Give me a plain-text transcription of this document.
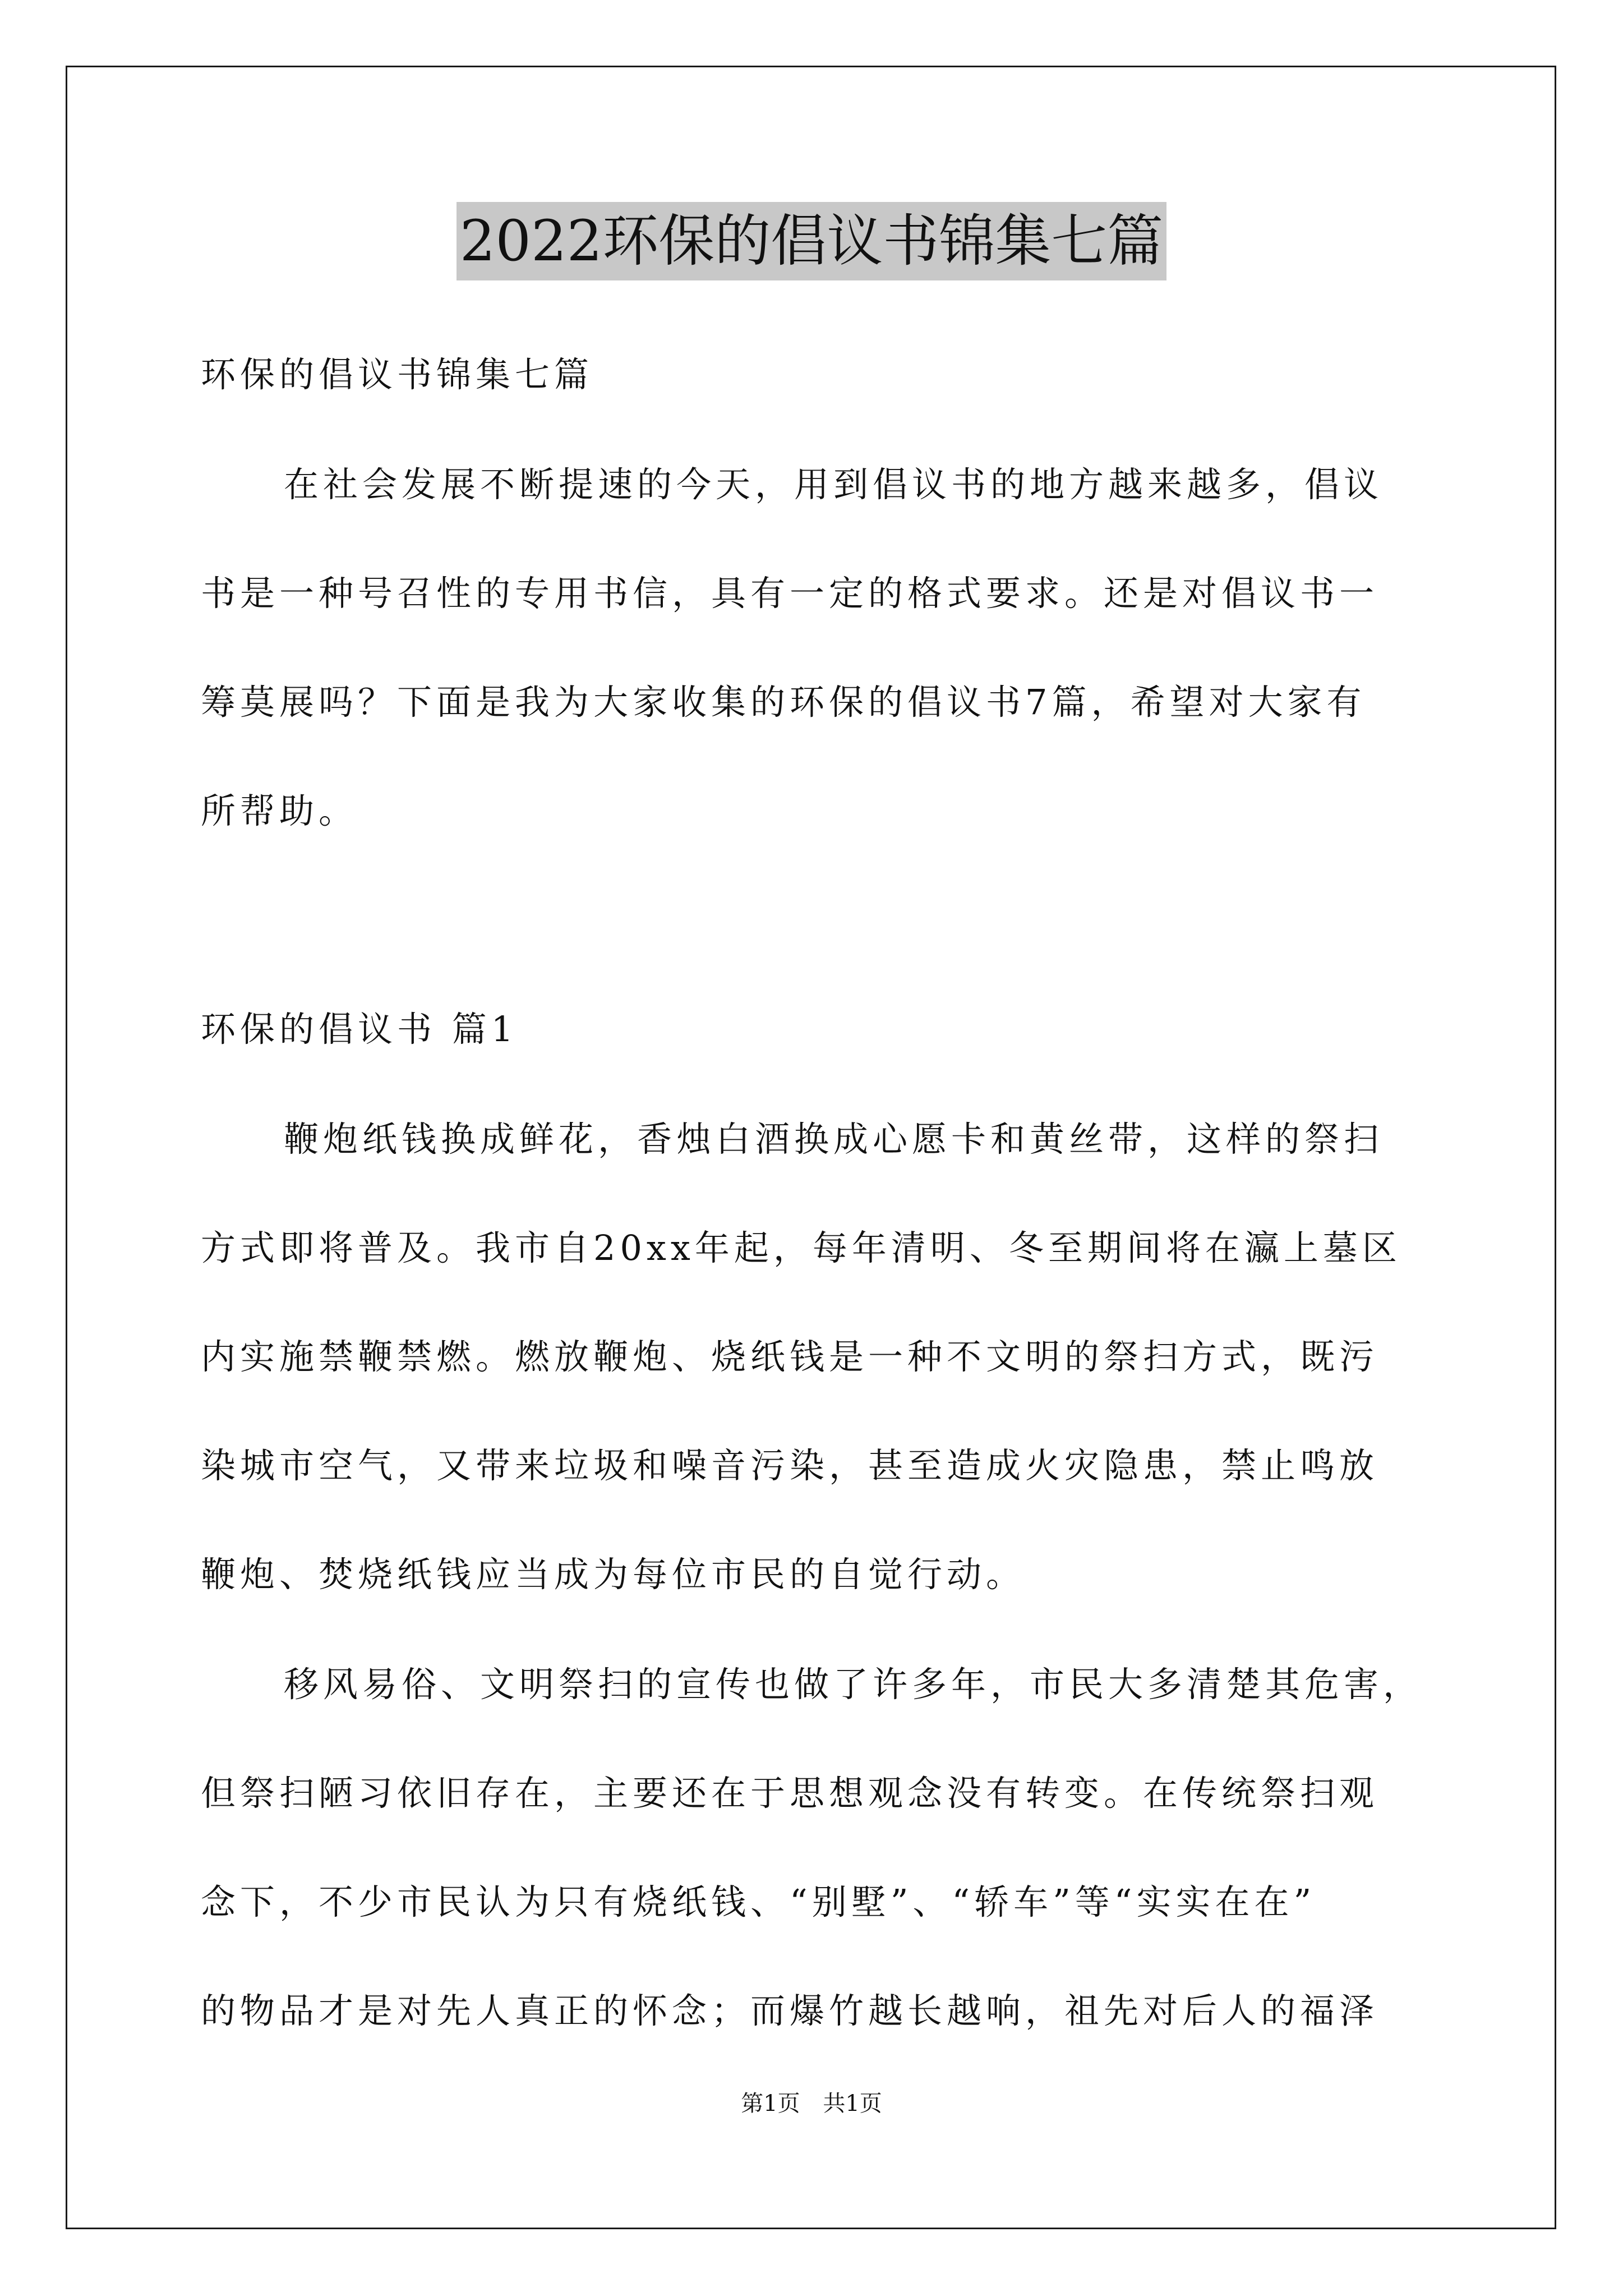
2022环保的倡议书锦集七篇
环保的倡议书锦集七篇
在社会发展不断提速的今天，用到倡议书的地方越来越多，倡议
书是一种号召性的专用书信，具有一定的格式要求。还是对倡议书一
筹莫展吗？下面是我为大家收集的环保的倡议书7篇，希望对大家有
所帮助。
环保的倡议书 篇1
鞭炮纸钱换成鲜花，香烛白酒换成心愿卡和黄丝带，这样的祭扫
方式即将普及。我市自20xx年起，每年清明、冬至期间将在瀛上墓区
内实施禁鞭禁燃。燃放鞭炮、烧纸钱是一种不文明的祭扫方式，既污
染城市空气，又带来垃圾和噪音污染，甚至造成火灾隐患，禁止鸣放
鞭炮、焚烧纸钱应当成为每位市民的自觉行动。
移风易俗、文明祭扫的宣传也做了许多年，市民大多清楚其危害，
但祭扫陋习依旧存在，主要还在于思想观念没有转变。在传统祭扫观
念下，不少市民认为只有烧纸钱、“别墅”、“轿车”等“实实在在”
的物品才是对先人真正的怀念；而爆竹越长越响，祖先对后人的福泽
第1页 共1页
